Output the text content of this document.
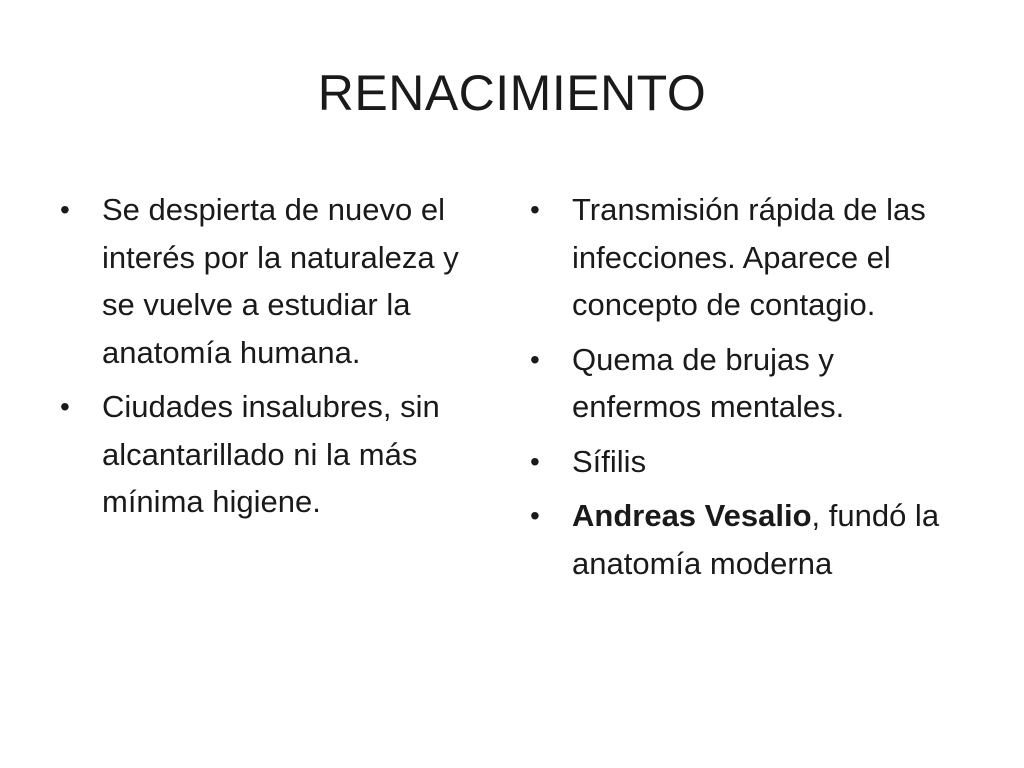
RENACIMIENTO
• Se despierta de nuevo el interés por la naturaleza y se vuelve a estudiar la anatomía humana.
• Ciudades insalubres, sin alcantarillado ni la más mínima higiene.
• Transmisión rápida de las infecciones. Aparece el concepto de contagio.
• Quema de brujas y enfermos mentales.
• Sífilis
• Andreas Vesalio, fundó la anatomía moderna
